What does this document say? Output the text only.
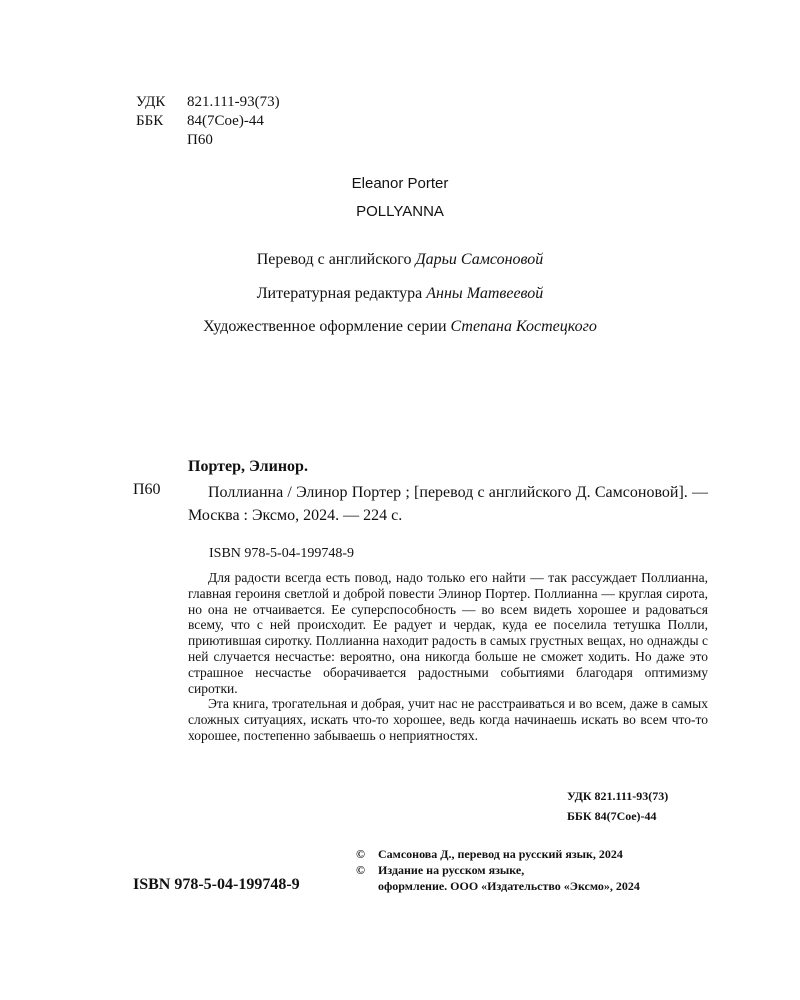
УДК	821.111-93(73)
ББК	84(7Сое)-44
П60
Eleanor Porter
POLLYANNA
Перевод с английского Дарьи Самсоновой
Литературная редактура Анны Матвеевой
Художественное оформление серии Степана Костецкого
Портер, Элинор.
П60	Поллианна / Элинор Портер ; [перевод с английского Д. Самсоновой]. — Москва : Эксмо, 2024. — 224 с.
ISBN 978-5-04-199748-9

Для радости всегда есть повод, надо только его найти — так рассуждает Поллианна, главная героиня светлой и доброй повести Элинор Портер. Поллианна — круглая сирота, но она не отчаивается. Ее суперспособность — во всем видеть хорошее и радоваться всему, что с ней происходит. Ее радует и чердак, куда ее поселила тетушка Полли, приютившая сиротку. Поллианна находит радость в самых грустных вещах, но однажды с ней случается несчастье: вероятно, она никогда больше не сможет ходить. Но даже это страшное несчастье оборачивается радостными событиями благодаря оптимизму сиротки.

Эта книга, трогательная и добрая, учит нас не расстраиваться и во всем, даже в самых сложных ситуациях, искать что-то хорошее, ведь когда начинаешь искать во всем что-то хорошее, постепенно забываешь о неприятностях.

УДК 821.111-93(73)
ББК 84(7Сое)-44
©	Самсонова Д., перевод на русский язык, 2024
©	Издание на русском языке,
оформление. ООО «Издательство «Эксмо», 2024
ISBN 978-5-04-199748-9
